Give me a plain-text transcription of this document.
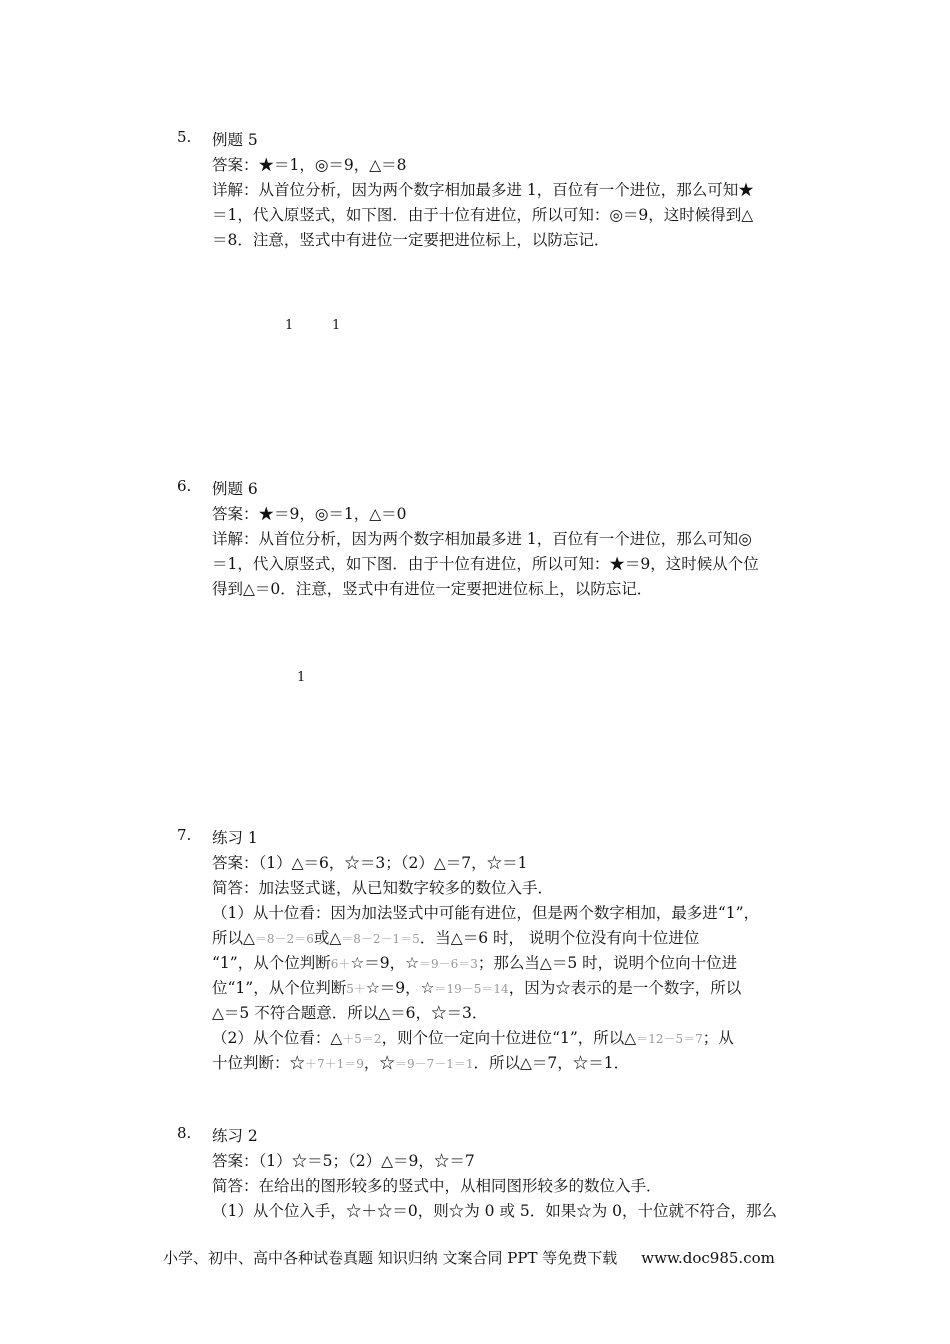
5. 例题 5
答案：★＝1，◎＝9，△＝8
详解：从首位分析，因为两个数字相加最多进 1，百位有一个进位，那么可知★
＝1，代入原竖式，如下图．由于十位有进位，所以可知：◎＝9，这时候得到△
＝8．注意，竖式中有进位一定要把进位标上，以防忘记．
1	1
6. 例题 6
答案：★＝9，◎＝1，△＝0
详解：从首位分析，因为两个数字相加最多进 1，百位有一个进位，那么可知◎
＝1，代入原竖式，如下图．由于十位有进位，所以可知：★＝9，这时候从个位
得到△＝0．注意，竖式中有进位一定要把进位标上，以防忘记．
1
7. 练习 1
答案：（1）△＝6，☆＝3；（2）△＝7，☆＝1
简答：加法竖式谜，从已知数字较多的数位入手．
（1）从十位看：因为加法竖式中可能有进位，但是两个数字相加，最多进“1”，
所以△＝8－2＝6或△＝8－2－1＝5．当△＝6 时， 说明个位没有向十位进位
“1”，从个位判断6＋☆＝9，☆＝9－6＝3；那么当△＝5 时，说明个位向十位进
位“1”，从个位判断5＋☆＝9，☆＝19－5＝14，因为☆表示的是一个数字，所以
△＝5 不符合题意．所以△＝6，☆＝3．
（2）从个位看：△＋5＝2，则个位一定向十位进位“1”，所以△＝12－5＝7；从
十位判断：☆＋7＋1＝9，☆＝9－7－1＝1．所以△＝7，☆＝1．
8. 练习 2
答案：（1）☆＝5；（2）△＝9，☆＝7
简答：在给出的图形较多的竖式中，从相同图形较多的数位入手．
（1）从个位入手，☆＋☆＝0，则☆为 0 或 5．如果☆为 0，十位就不符合，那么
小学、初中、高中各种试卷真题 知识归纳 文案合同 PPT 等免费下载 www.doc985.com
